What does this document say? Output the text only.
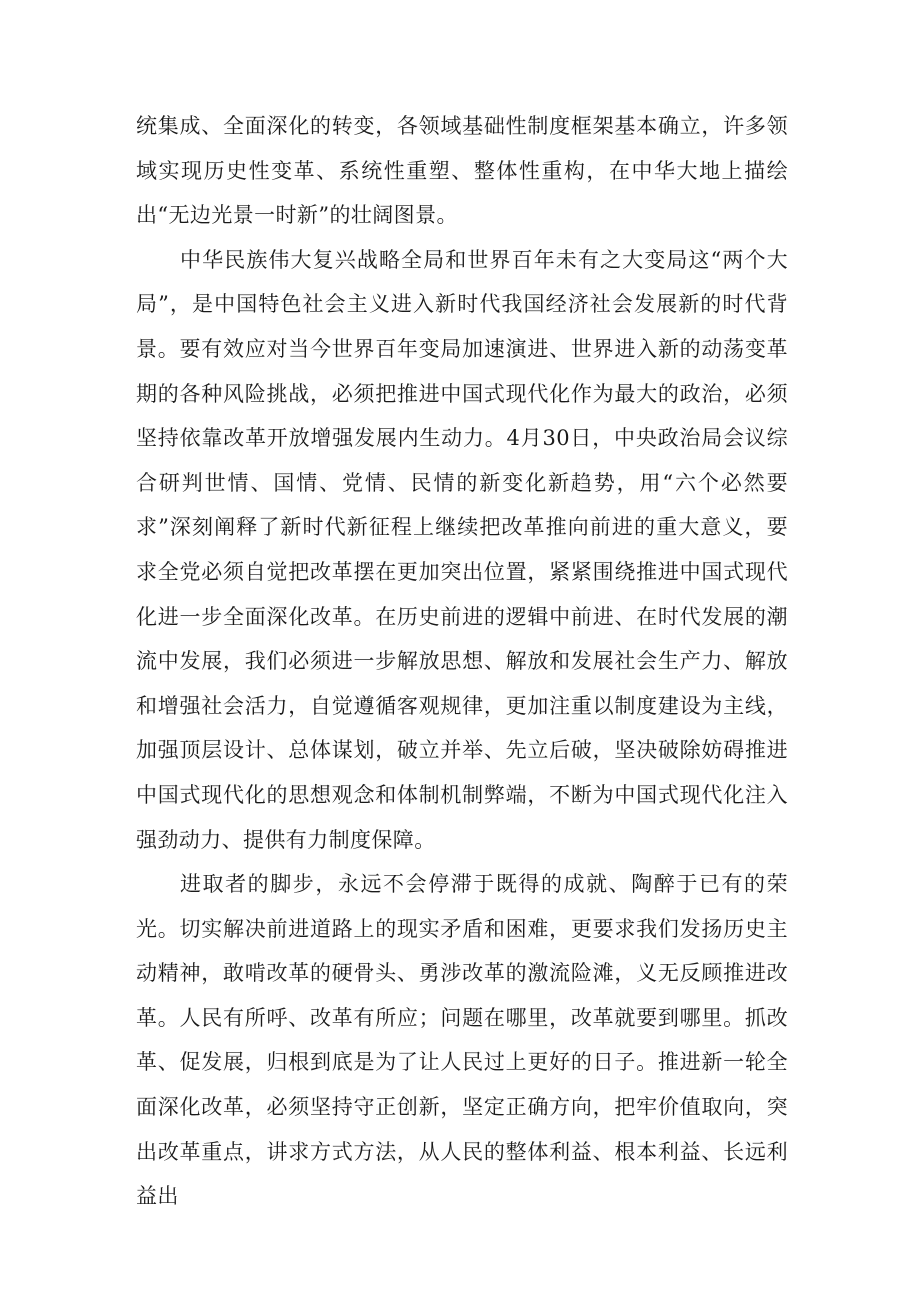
统集成、全面深化的转变，各领域基础性制度框架基本确立，许多领域实现历史性变革、系统性重塑、整体性重构，在中华大地上描绘出“无边光景一时新”的壮阔图景。

中华民族伟大复兴战略全局和世界百年未有之大变局这“两个大局”，是中国特色社会主义进入新时代我国经济社会发展新的时代背景。要有效应对当今世界百年变局加速演进、世界进入新的动荡变革期的各种风险挑战，必须把推进中国式现代化作为最大的政治，必须坚持依靠改革开放增强发展内生动力。4月30日，中央政治局会议综合研判世情、国情、党情、民情的新变化新趋势，用“六个必然要求”深刻阐释了新时代新征程上继续把改革推向前进的重大意义，要求全党必须自觉把改革摆在更加突出位置，紧紧围绕推进中国式现代化进一步全面深化改革。在历史前进的逻辑中前进、在时代发展的潮流中发展，我们必须进一步解放思想、解放和发展社会生产力、解放和增强社会活力，自觉遵循客观规律，更加注重以制度建设为主线，加强顶层设计、总体谋划，破立并举、先立后破，坚决破除妨碍推进中国式现代化的思想观念和体制机制弊端，不断为中国式现代化注入强劲动力、提供有力制度保障。

进取者的脚步，永远不会停滞于既得的成就、陶醉于已有的荣光。切实解决前进道路上的现实矛盾和困难，更要求我们发扬历史主动精神，敢啃改革的硬骨头、勇涉改革的激流险滩，义无反顾推进改革。人民有所呼、改革有所应；问题在哪里，改革就要到哪里。抓改革、促发展，归根到底是为了让人民过上更好的日子。推进新一轮全面深化改革，必须坚持守正创新，坚定正确方向，把牢价值取向，突出改革重点，讲求方式方法，从人民的整体利益、根本利益、长远利益出
